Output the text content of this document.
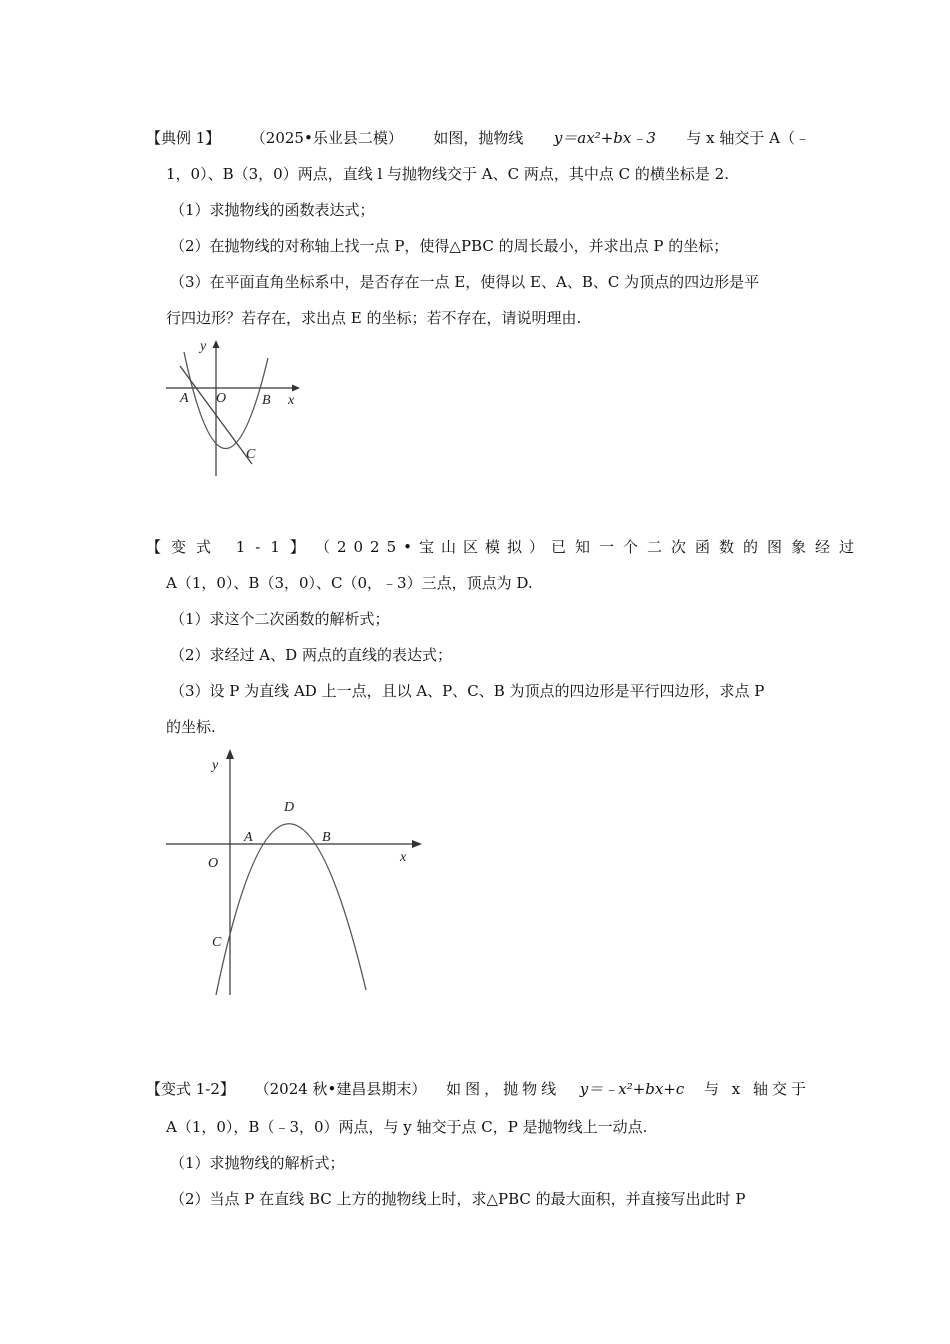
【典例 1】 （2025•乐业县二模） 如图，抛物线 y＝ax²+bx﹣3 与 x 轴交于 A（﹣
1，0）、B（3，0）两点，直线 l 与抛物线交于 A、C 两点，其中点 C 的横坐标是 2.
（1）求抛物线的函数表达式；
（2）在抛物线的对称轴上找一点 P，使得△PBC 的周长最小，并求出点 P 的坐标；
（3）在平面直角坐标系中，是否存在一点 E，使得以 E、A、B、C 为顶点的四边形是平
行四边形？若存在，求出点 E 的坐标；若不存在，请说明理由.
y
x
A O	B
C
【变式 1-1】 （2025•宝山区模拟） 已知一个二次函数的图象经过
A（1，0）、B（3，0）、C（0，﹣3）三点，顶点为 D.
（1）求这个二次函数的解析式；
（2）求经过 A、D 两点的直线的表达式；
（3）设 P 为直线 AD 上一点，且以 A、P、C、B 为顶点的四边形是平行四边形，求点 P
的坐标.
y
x
D
A	B
O
C
【变式 1-2】 （2024 秋•建昌县期末） 如图，抛物线 y＝﹣x²+bx+c 与 x 轴交于
A（1，0），B（﹣3，0）两点，与 y 轴交于点 C，P 是抛物线上一动点.
（1）求抛物线的解析式；
（2）当点 P 在直线 BC 上方的抛物线上时，求△PBC 的最大面积，并直接写出此时 P
